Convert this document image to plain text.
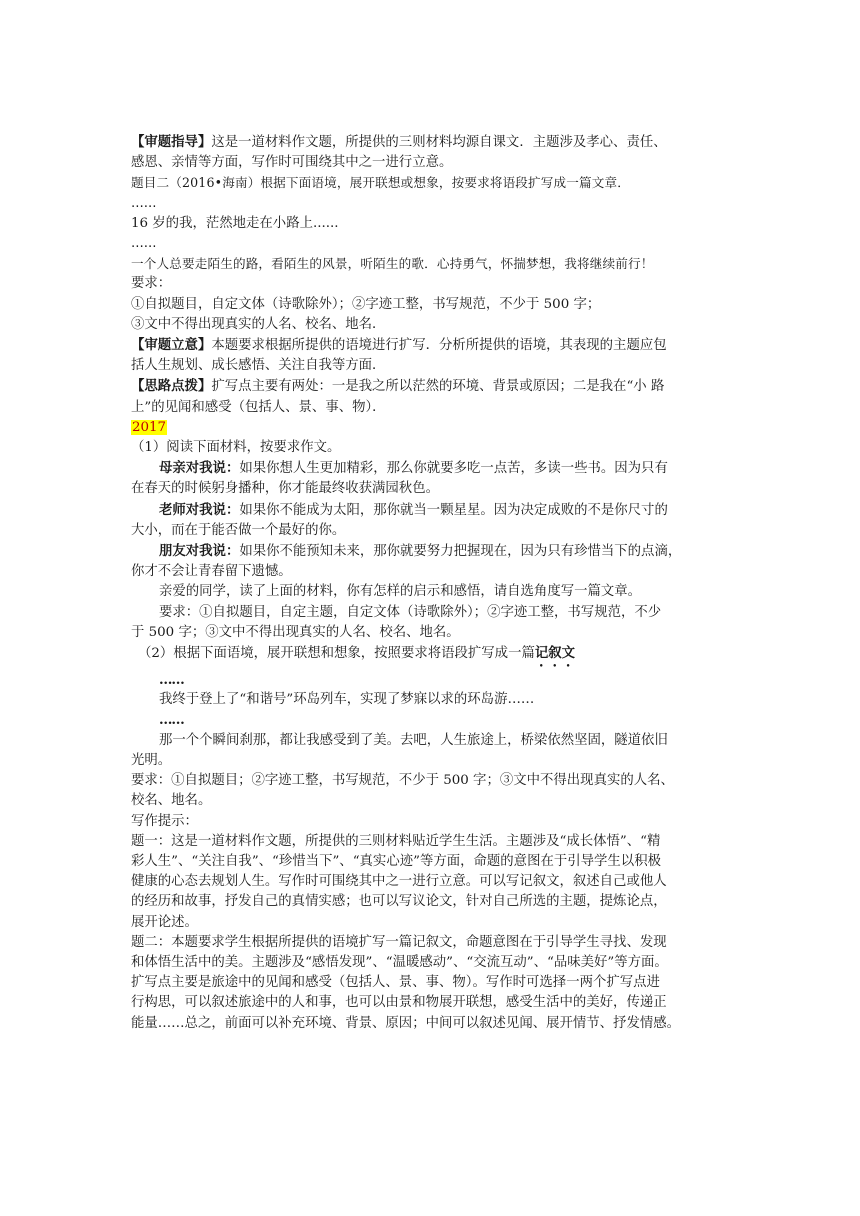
【审题指导】这是一道材料作文题，所提供的三则材料均源自课文．主题涉及孝心、责任、
感恩、亲情等方面，写作时可围绕其中之一进行立意。
题目二（2016•海南）根据下面语境，展开联想或想象，按要求将语段扩写成一篇文章．
......
16 岁的我，茫然地走在小路上......
......
一个人总要走陌生的路，看陌生的风景，听陌生的歌．心持勇气，怀揣梦想，我将继续前行！
要求：
①自拟题目，自定文体（诗歌除外）；②字迹工整，书写规范，不少于 500 字；
③文中不得出现真实的人名、校名、地名．
【审题立意】本题要求根据所提供的语境进行扩写．分析所提供的语境，其表现的主题应包
括人生规划、成长感悟、关注自我等方面．
【思路点拨】扩写点主要有两处：一是我之所以茫然的环境、背景或原因；二是我在“小 路
上”的见闻和感受（包括人、景、事、物）．
2017
（1）阅读下面材料，按要求作文。
母亲对我说：如果你想人生更加精彩，那么你就要多吃一点苦，多读一些书。因为只有
在春天的时候躬身播种，你才能最终收获满园秋色。
老师对我说：如果你不能成为太阳，那你就当一颗星星。因为决定成败的不是你尺寸的
大小，而在于能否做一个最好的你。
朋友对我说：如果你不能预知未来，那你就要努力把握现在，因为只有珍惜当下的点滴，
你才不会让青春留下遗憾。
亲爱的同学，读了上面的材料，你有怎样的启示和感悟，请自选角度写一篇文章。
要求：①自拟题目，自定主题，自定文体（诗歌除外）；②字迹工整，书写规范，不少
于 500 字；③文中不得出现真实的人名、校名、地名。
（2）根据下面语境，展开联想和想象，按照要求将语段扩写成一篇记叙文
……
我终于登上了“和谐号”环岛列车，实现了梦寐以求的环岛游……
……
那一个个瞬间刹那，都让我感受到了美。去吧，人生旅途上，桥梁依然坚固，隧道依旧
光明。
要求：①自拟题目；②字迹工整，书写规范，不少于 500 字；③文中不得出现真实的人名、
校名、地名。
写作提示：
题一：这是一道材料作文题，所提供的三则材料贴近学生生活。主题涉及“成长体悟”、“精
彩人生”、“关注自我”、“珍惜当下”、“真实心迹”等方面，命题的意图在于引导学生以积极
健康的心态去规划人生。写作时可围绕其中之一进行立意。可以写记叙文，叙述自己或他人
的经历和故事，抒发自己的真情实感；也可以写议论文，针对自己所选的主题，提炼论点，
展开论述。
题二：本题要求学生根据所提供的语境扩写一篇记叙文，命题意图在于引导学生寻找、发现
和体悟生活中的美。主题涉及“感悟发现”、“温暖感动”、“交流互动”、“品味美好”等方面。
扩写点主要是旅途中的见闻和感受（包括人、景、事、物）。写作时可选择一两个扩写点进
行构思，可以叙述旅途中的人和事，也可以由景和物展开联想，感受生活中的美好，传递正
能量……总之，前面可以补充环境、背景、原因；中间可以叙述见闻、展开情节、抒发情感。
